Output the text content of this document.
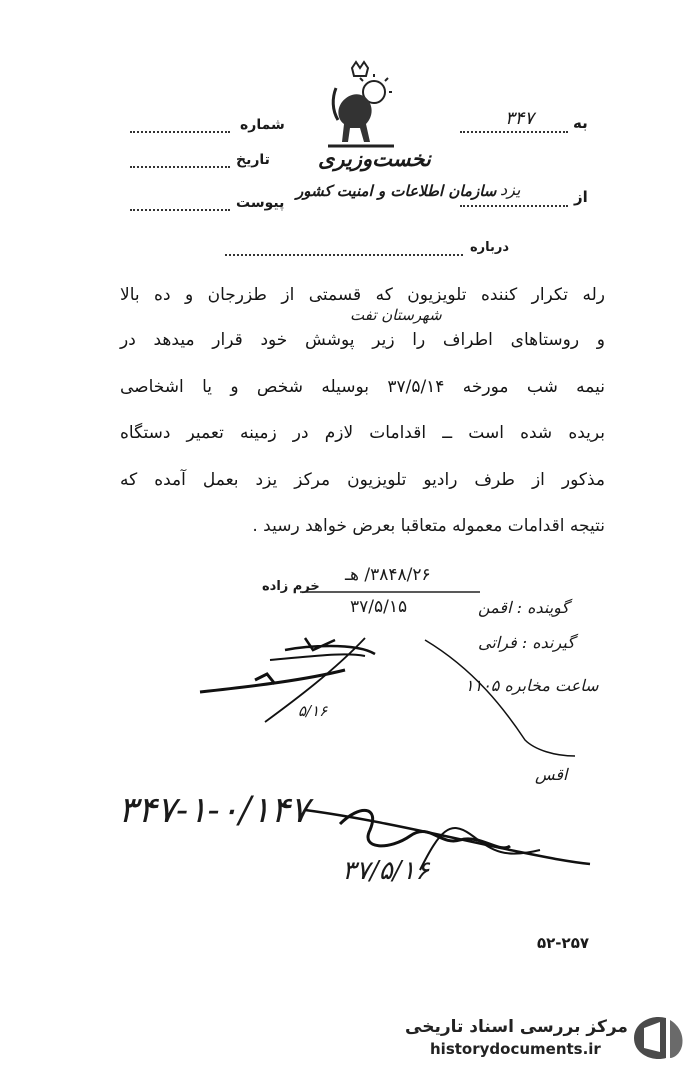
نخست‌وزیری
سازمان اطلاعات و امنیت کشور
شماره
تاریخ
پیوست
به
۳۴۷
از
یزد
درباره
رله تکرار کننده تلویزیون که قسمتی از طزرجان و ده بالا
شهرستان تفت
و روستاهای اطراف را زیر پوشش خود قرار میدهد در
نیمه شب مورخه ۳۷/۵/۱۴ بوسیله شخص و یا اشخاصی
بریده شده است ــ اقدامات لازم در زمینه تعمیر دستگاه
مذکور از طرف رادیو تلویزیون مرکز یزد بعمل آمده که
نتیجه اقدامات معموله متعاقبا بعرض خواهد رسید .
۳۸۴۸/۲۶/ هـ
خرم زاده
۳۷/۵/۱۵	گوینده : اقمن
گیرنده : فراتی
ساعت مخابره ۱۱۰۵
اقس
۵/۱۶
۳۴۷-۱-۰/۱۴۷
۳۷/۵/۱۶
۵۲-۲۵۷
مرکز بررسی اسناد تاریخی
historydocuments.ir
